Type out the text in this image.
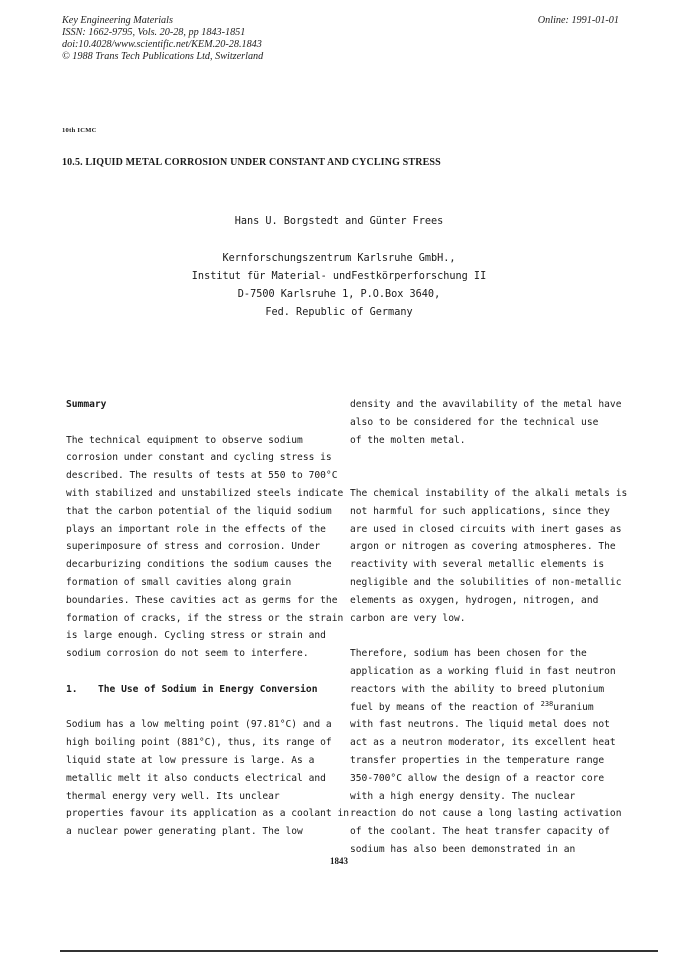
Key Engineering Materials
ISSN: 1662-9795, Vols. 20-28, pp 1843-1851
doi:10.4028/www.scientific.net/KEM.20-28.1843
© 1988 Trans Tech Publications Ltd, Switzerland
Online: 1991-01-01
10th ICMC
10.5. LIQUID METAL CORROSION UNDER CONSTANT AND CYCLING STRESS
Hans U. Borgstedt and Günter Frees
Kernforschungszentrum Karlsruhe GmbH.,
Institut für Material- undFestkörperforschung II
D-7500 Karlsruhe 1, P.O.Box 3640,
Fed. Republic of Germany
Summary
The technical equipment to observe sodium
corrosion under constant and cycling stress is
described. The results of tests at 550 to 700°C
with stabilized and unstabilized steels indicate
that the carbon potential of the liquid sodium
plays an important role in the effects of the
superimposure of stress and corrosion. Under
decarburizing conditions the sodium causes the
formation of small cavities along grain
boundaries. These cavities act as germs for the
formation of cracks, if the stress or the strain
is large enough. Cycling stress or strain and
sodium corrosion do not seem to interfere.
1. The Use of Sodium in Energy Conversion
Sodium has a low melting point (97.81°C) and a
high boiling point (881°C), thus, its range of
liquid state at low pressure is large. As a
metallic melt it also conducts electrical and
thermal energy very well. Its unclear
properties favour its application as a coolant in
a nuclear power generating plant. The low
density and the avavilability of the metal have
also to be considered for the technical use
of the molten metal.
The chemical instability of the alkali metals is
not harmful for such applications, since they
are used in closed circuits with inert gases as
argon or nitrogen as covering atmospheres. The
reactivity with several metallic elements is
negligible and the solubilities of non-metallic
elements as oxygen, hydrogen, nitrogen, and
carbon are very low.
Therefore, sodium has been chosen for the
application as a working fluid in fast neutron
reactors with the ability to breed plutonium
fuel by means of the reaction of $^{238}$uranium
with fast neutrons. The liquid metal does not
act as a neutron moderator, its excellent heat
transfer properties in the temperature range
350-700°C allow the design of a reactor core
with a high energy density. The nuclear
reaction do not cause a long lasting activation
of the coolant. The heat transfer capacity of
sodium has also been demonstrated in an
1843
